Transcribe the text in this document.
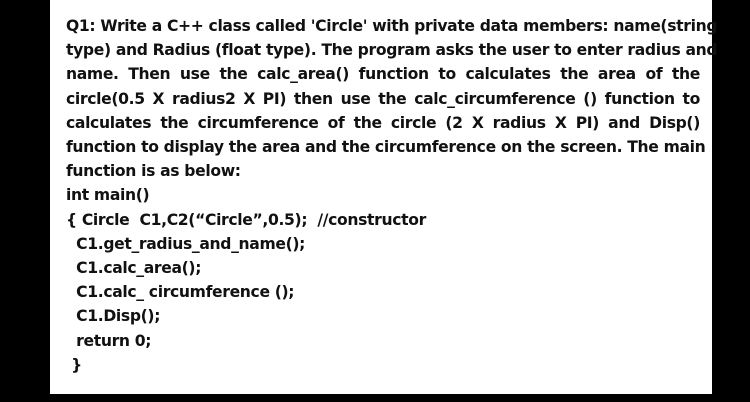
Q1: Write a C++ class called 'Circle' with private data members: name(string
type) and Radius (float type). The program asks the user to enter radius and
name. Then use the calc_area() function to calculates the area of the
circle(0.5 X radius2 X PI) then use the calc_circumference () function to
calculates the circumference of the circle (2 X radius X PI) and Disp()
function to display the area and the circumference on the screen. The main
function is as below:
int main()
{ Circle  C1,C2(“Circle”,0.5);  //constructor
C1.get_radius_and_name();
C1.calc_area();
C1.calc_ circumference ();
C1.Disp();
return 0;
}
